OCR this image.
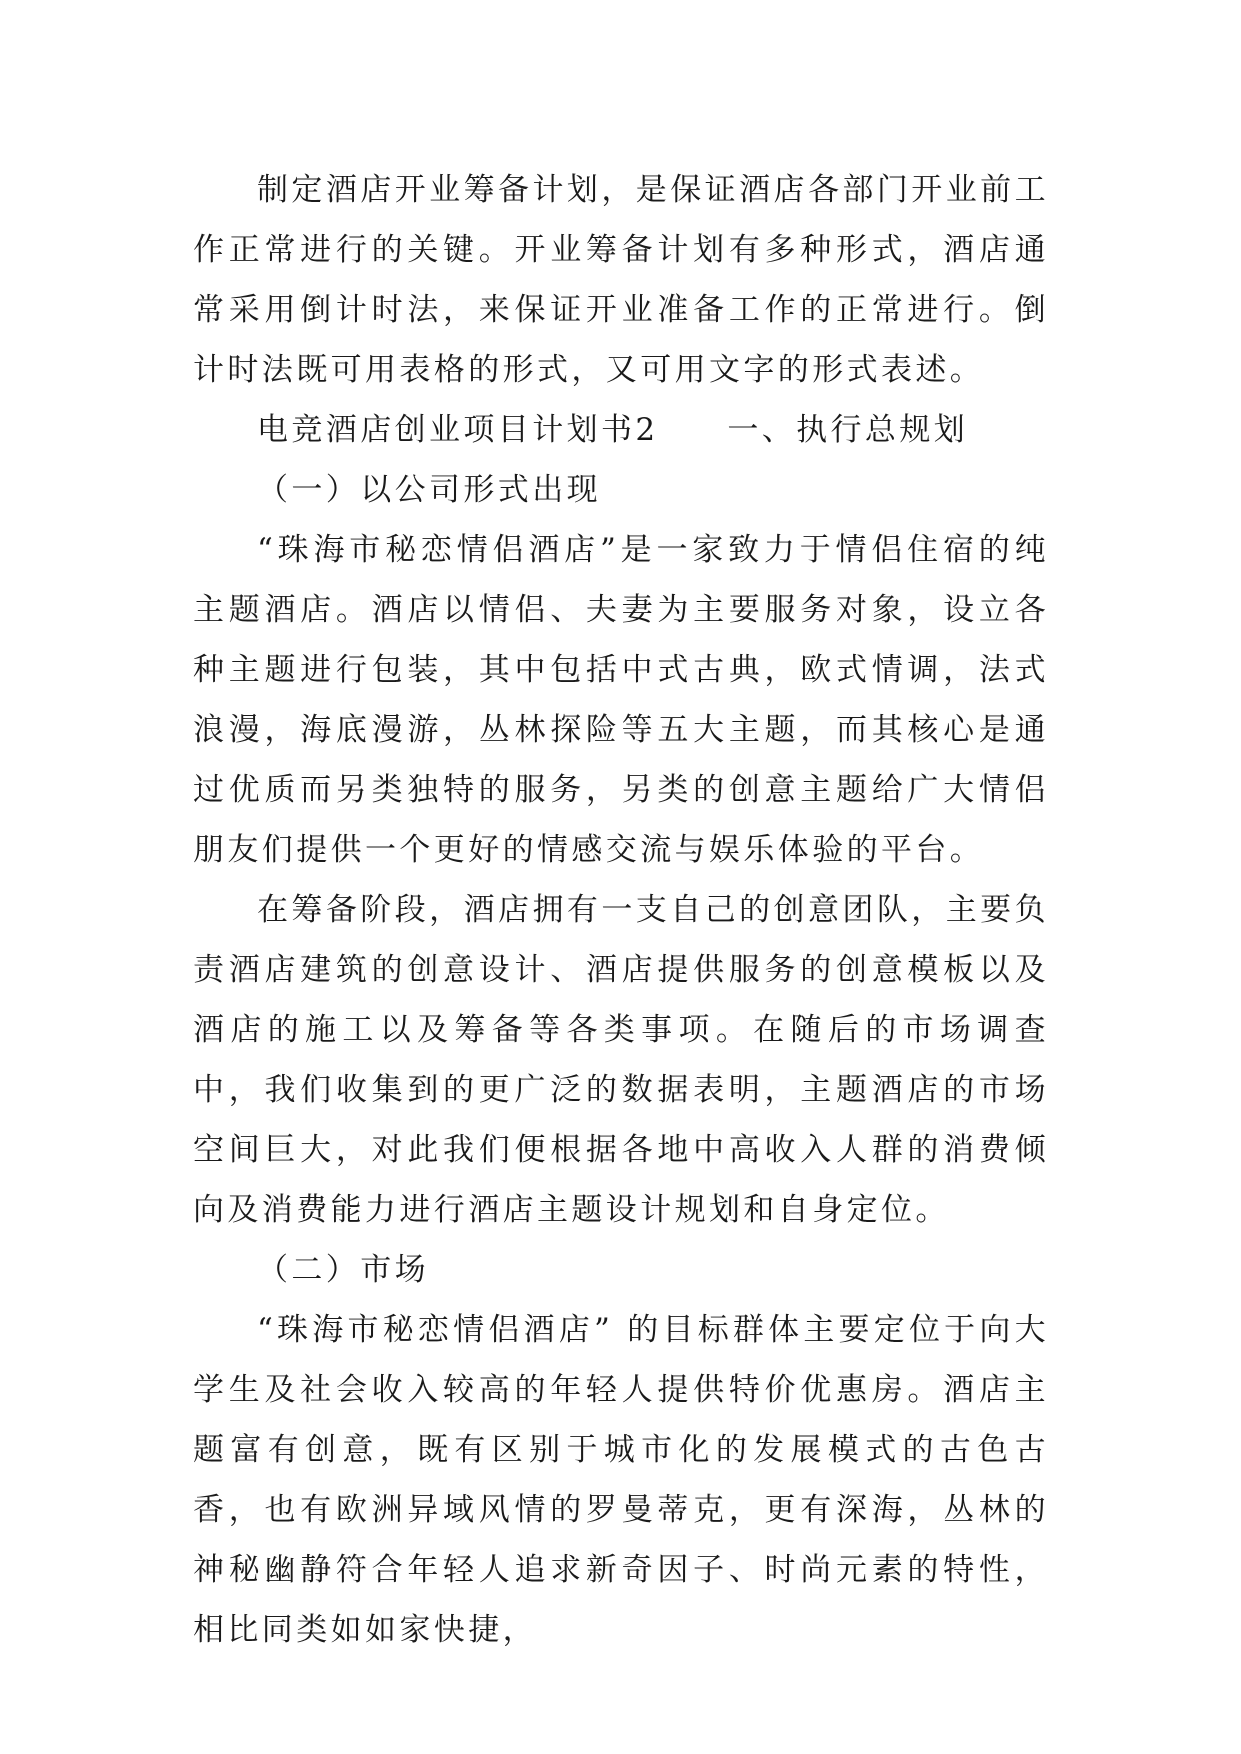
制定酒店开业筹备计划，是保证酒店各部门开业前工作正常进行的关键。开业筹备计划有多种形式，酒店通常采用倒计时法，来保证开业准备工作的正常进行。倒计时法既可用表格的形式，又可用文字的形式表述。

电竞酒店创业项目计划书2　　一、执行总规划

（一）以公司形式出现

“珠海市秘恋情侣酒店”是一家致力于情侣住宿的纯主题酒店。酒店以情侣、夫妻为主要服务对象，设立各种主题进行包装，其中包括中式古典，欧式情调，法式浪漫，海底漫游，丛林探险等五大主题，而其核心是通过优质而另类独特的服务，另类的创意主题给广大情侣朋友们提供一个更好的情感交流与娱乐体验的平台。

在筹备阶段，酒店拥有一支自己的创意团队，主要负责酒店建筑的创意设计、酒店提供服务的创意模板以及酒店的施工以及筹备等各类事项。在随后的市场调查中，我们收集到的更广泛的数据表明，主题酒店的市场空间巨大，对此我们便根据各地中高收入人群的消费倾向及消费能力进行酒店主题设计规划和自身定位。

（二）市场

“珠海市秘恋情侣酒店” 的目标群体主要定位于向大学生及社会收入较高的年轻人提供特价优惠房。酒店主题富有创意，既有区别于城市化的发展模式的古色古香，也有欧洲异域风情的罗曼蒂克，更有深海，丛林的神秘幽静符合年轻人追求新奇因子、时尚元素的特性，相比同类如如家快捷，
